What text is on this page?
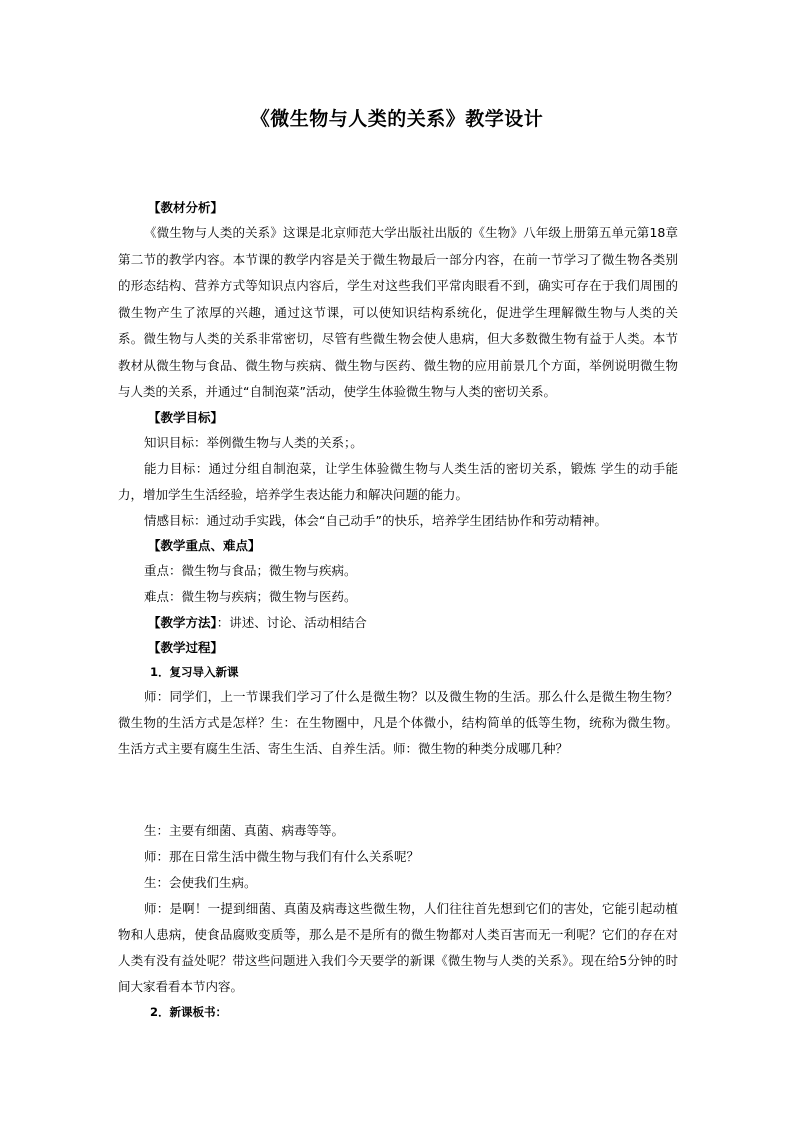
《微生物与人类的关系》教学设计

【教材分析】

《微生物与人类的关系》这课是北京师范大学出版社出版的《生物》八年级上册第五单元第18章第二节的教学内容。本节课的教学内容是关于微生物最后一部分内容，在前一节学习了微生物各类别的形态结构、营养方式等知识点内容后，学生对这些我们平常肉眼看不到，确实可存在于我们周围的微生物产生了浓厚的兴趣，通过这节课，可以使知识结构系统化，促进学生理解微生物与人类的关系。微生物与人类的关系非常密切，尽管有些微生物会使人患病，但大多数微生物有益于人类。本节教材从微生物与食品、微生物与疾病、微生物与医药、微生物的应用前景几个方面，举例说明微生物与人类的关系，并通过“自制泡菜”活动，使学生体验微生物与人类的密切关系。

【教学目标】

知识目标：举例微生物与人类的关系；。

能力目标：通过分组自制泡菜，让学生体验微生物与人类生活的密切关系，锻炼 学生的动手能力，增加学生生活经验，培养学生表达能力和解决问题的能力。

情感目标：通过动手实践，体会“自己动手”的快乐，培养学生团结协作和劳动精神。

【教学重点、难点】

重点：微生物与食品；微生物与疾病。

难点：微生物与疾病；微生物与医药。

【教学方法】：讲述、讨论、活动相结合

【教学过程】

1．复习导入新课

师：同学们，上一节课我们学习了什么是微生物？以及微生物的生活。那么什么是微生物生物？微生物的生活方式是怎样？生：在生物圈中，凡是个体微小，结构简单的低等生物，统称为微生物。生活方式主要有腐生生活、寄生生活、自养生活。师：微生物的种类分成哪几种？

生：主要有细菌、真菌、病毒等等。

师：那在日常生活中微生物与我们有什么关系呢？

生：会使我们生病。

师：是啊！一提到细菌、真菌及病毒这些微生物，人们往往首先想到它们的害处，它能引起动植物和人患病，使食品腐败变质等，那么是不是所有的微生物都对人类百害而无一利呢？它们的存在对人类有没有益处呢？带这些问题进入我们今天要学的新课《微生物与人类的关系》。现在给5分钟的时间大家看看本节内容。

2．新课板书：
